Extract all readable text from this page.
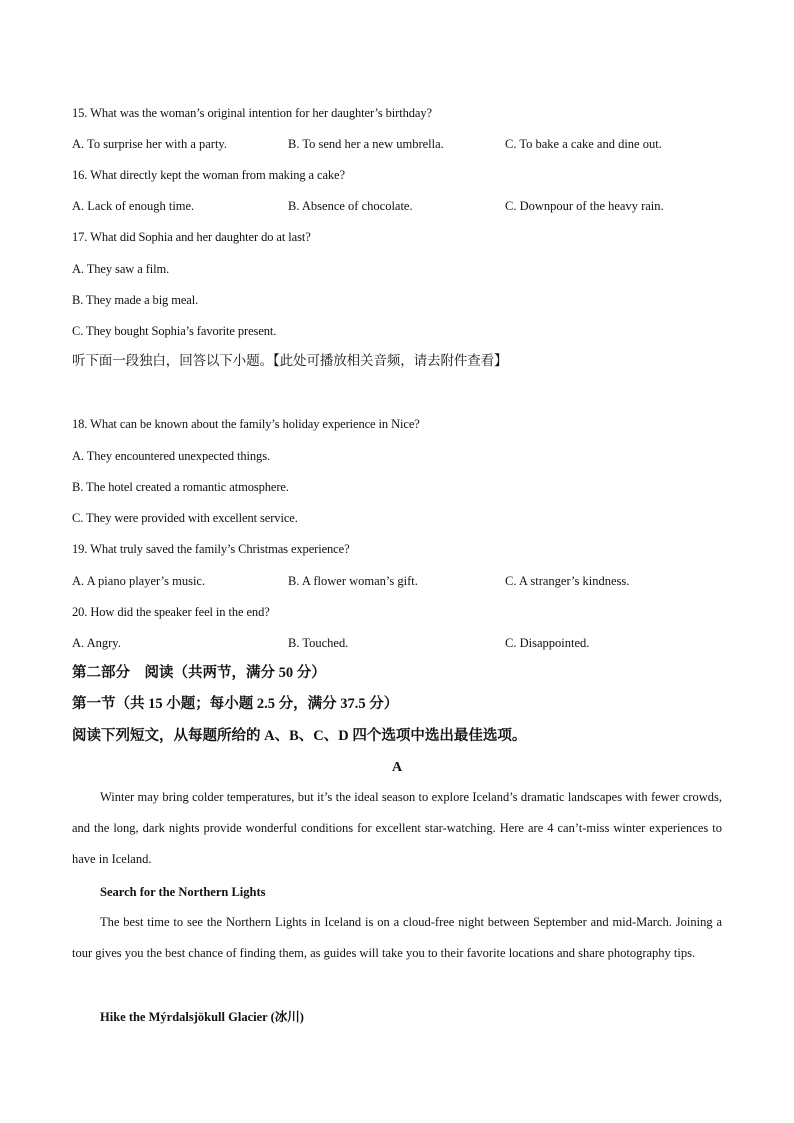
15. What was the woman’s original intention for her daughter’s birthday?
A. To surprise her with a party.	B. To send her a new umbrella.	C. To bake a cake and dine out.
16. What directly kept the woman from making a cake?
A. Lack of enough time.	B. Absence of chocolate.	C. Downpour of the heavy rain.
17. What did Sophia and her daughter do at last?
A. They saw a film.
B. They made a big meal.
C. They bought Sophia’s favorite present.
听下面一段独白，回答以下小题。【此处可播放相关音频，请去附件查看】
18. What can be known about the family’s holiday experience in Nice?
A. They encountered unexpected things.
B. The hotel created a romantic atmosphere.
C. They were provided with excellent service.
19. What truly saved the family’s Christmas experience?
A. A piano player’s music.	B. A flower woman’s gift.	C. A stranger’s kindness.
20. How did the speaker feel in the end?
A. Angry.	B. Touched.	C. Disappointed.
第二部分　阅读（共两节，满分 50 分）
第一节（共 15 小题；每小题 2.5 分，满分 37.5 分）
阅读下列短文，从每题所给的 A、B、C、D 四个选项中选出最佳选项。
A
Winter may bring colder temperatures, but it’s the ideal season to explore Iceland’s dramatic landscapes with fewer crowds, and the long, dark nights provide wonderful conditions for excellent star-watching. Here are 4 can’t-miss winter experiences to have in Iceland.
Search for the Northern Lights
The best time to see the Northern Lights in Iceland is on a cloud-free night between September and mid-March. Joining a tour gives you the best chance of finding them, as guides will take you to their favorite locations and share photography tips.
Hike the Mýrdalsjökull Glacier (冰川)
